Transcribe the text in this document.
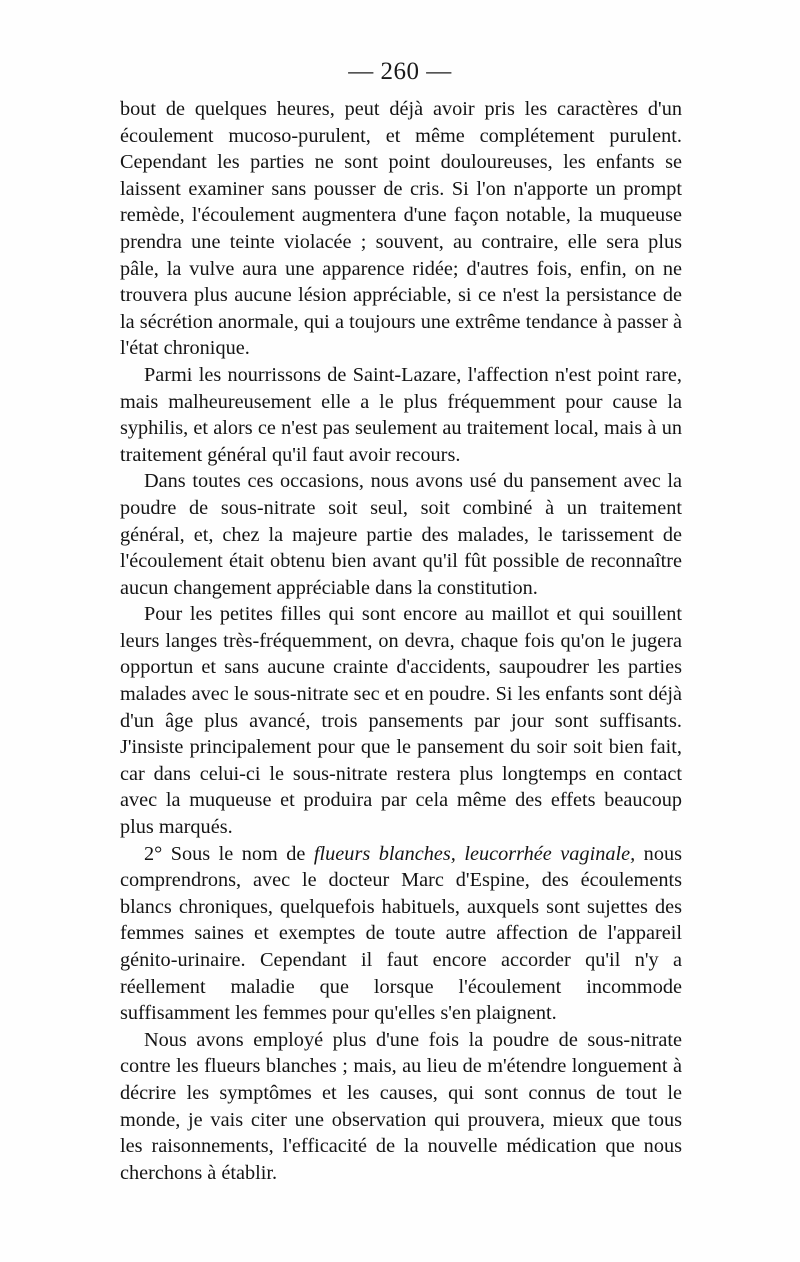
— 260 —

bout de quelques heures, peut déjà avoir pris les caractères d'un écoulement mucoso-purulent, et même complétement purulent. Cependant les parties ne sont point douloureuses, les enfants se laissent examiner sans pousser de cris. Si l'on n'apporte un prompt remède, l'écoulement augmentera d'une façon notable, la muqueuse prendra une teinte violacée ; souvent, au contraire, elle sera plus pâle, la vulve aura une apparence ridée; d'autres fois, enfin, on ne trouvera plus aucune lésion appréciable, si ce n'est la persistance de la sécrétion anormale, qui a toujours une extrême tendance à passer à l'état chronique.

Parmi les nourrissons de Saint-Lazare, l'affection n'est point rare, mais malheureusement elle a le plus fréquemment pour cause la syphilis, et alors ce n'est pas seulement au traitement local, mais à un traitement général qu'il faut avoir recours.

Dans toutes ces occasions, nous avons usé du pansement avec la poudre de sous-nitrate soit seul, soit combiné à un traitement général, et, chez la majeure partie des malades, le tarissement de l'écoulement était obtenu bien avant qu'il fût possible de reconnaître aucun changement appréciable dans la constitution.

Pour les petites filles qui sont encore au maillot et qui souillent leurs langes très-fréquemment, on devra, chaque fois qu'on le jugera opportun et sans aucune crainte d'accidents, saupoudrer les parties malades avec le sous-nitrate sec et en poudre. Si les enfants sont déjà d'un âge plus avancé, trois pansements par jour sont suffisants. J'insiste principalement pour que le pansement du soir soit bien fait, car dans celui-ci le sous-nitrate restera plus longtemps en contact avec la muqueuse et produira par cela même des effets beaucoup plus marqués.

2° Sous le nom de flueurs blanches, leucorrhée vaginale, nous comprendrons, avec le docteur Marc d'Espine, des écoulements blancs chroniques, quelquefois habituels, auxquels sont sujettes des femmes saines et exemptes de toute autre affection de l'appareil génito-urinaire. Cependant il faut encore accorder qu'il n'y a réellement maladie que lorsque l'écoulement incommode suffisamment les femmes pour qu'elles s'en plaignent.

Nous avons employé plus d'une fois la poudre de sous-nitrate contre les flueurs blanches ; mais, au lieu de m'étendre longuement à décrire les symptômes et les causes, qui sont connus de tout le monde, je vais citer une observation qui prouvera, mieux que tous les raisonnements, l'efficacité de la nouvelle médication que nous cherchons à établir.
